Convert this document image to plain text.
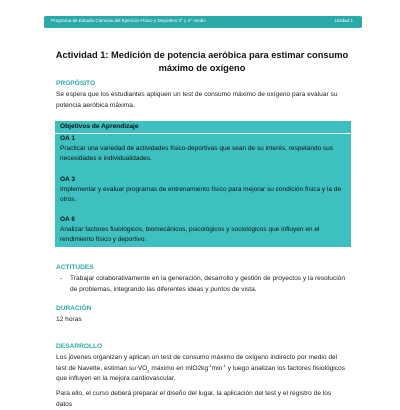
Programa de Estudio Ciencias del Ejercicio Físico y Deportivo 3° y 4° medio	Unidad 1
Actividad 1: Medición de potencia aeróbica para estimar consumo máximo de oxígeno
PROPÓSITO
Se espera que los estudiantes apliquen un test de consumo máximo de oxígeno para evaluar su potencia aeróbica máxima.
Objetivos de Aprendizaje
OA 1
Practicar una variedad de actividades físico-deportivas que sean de su interés, respetando sus necesidades e individualidades.
OA 3
Implementar y evaluar programas de entrenamiento físico para mejorar su condición física y la de otros.
OA 6
Analizar factores fisiológicos, biomecánicos, psicológicos y sociológicos que influyen en el rendimiento físico y deportivo.
ACTITUDES
- Trabajar colaborativamente en la generación, desarrollo y gestión de proyectos y la resolución de problemas, integrando las diferentes ideas y puntos de vista.
DURACIÓN
12 horas
DESARROLLO
Los jóvenes organizan y aplican un test de consumo máximo de oxígeno indirecto por medio del test de Navette, estiman su $VO_2$ máximo en $mlO2kg^{-1}\min^{-1}$ y luego analizan los factores fisiológicos que influyen en la mejora cardiovascular.
Para ello, el curso deberá preparar el diseño del lugar, la aplicación del test y el registro de los datos
